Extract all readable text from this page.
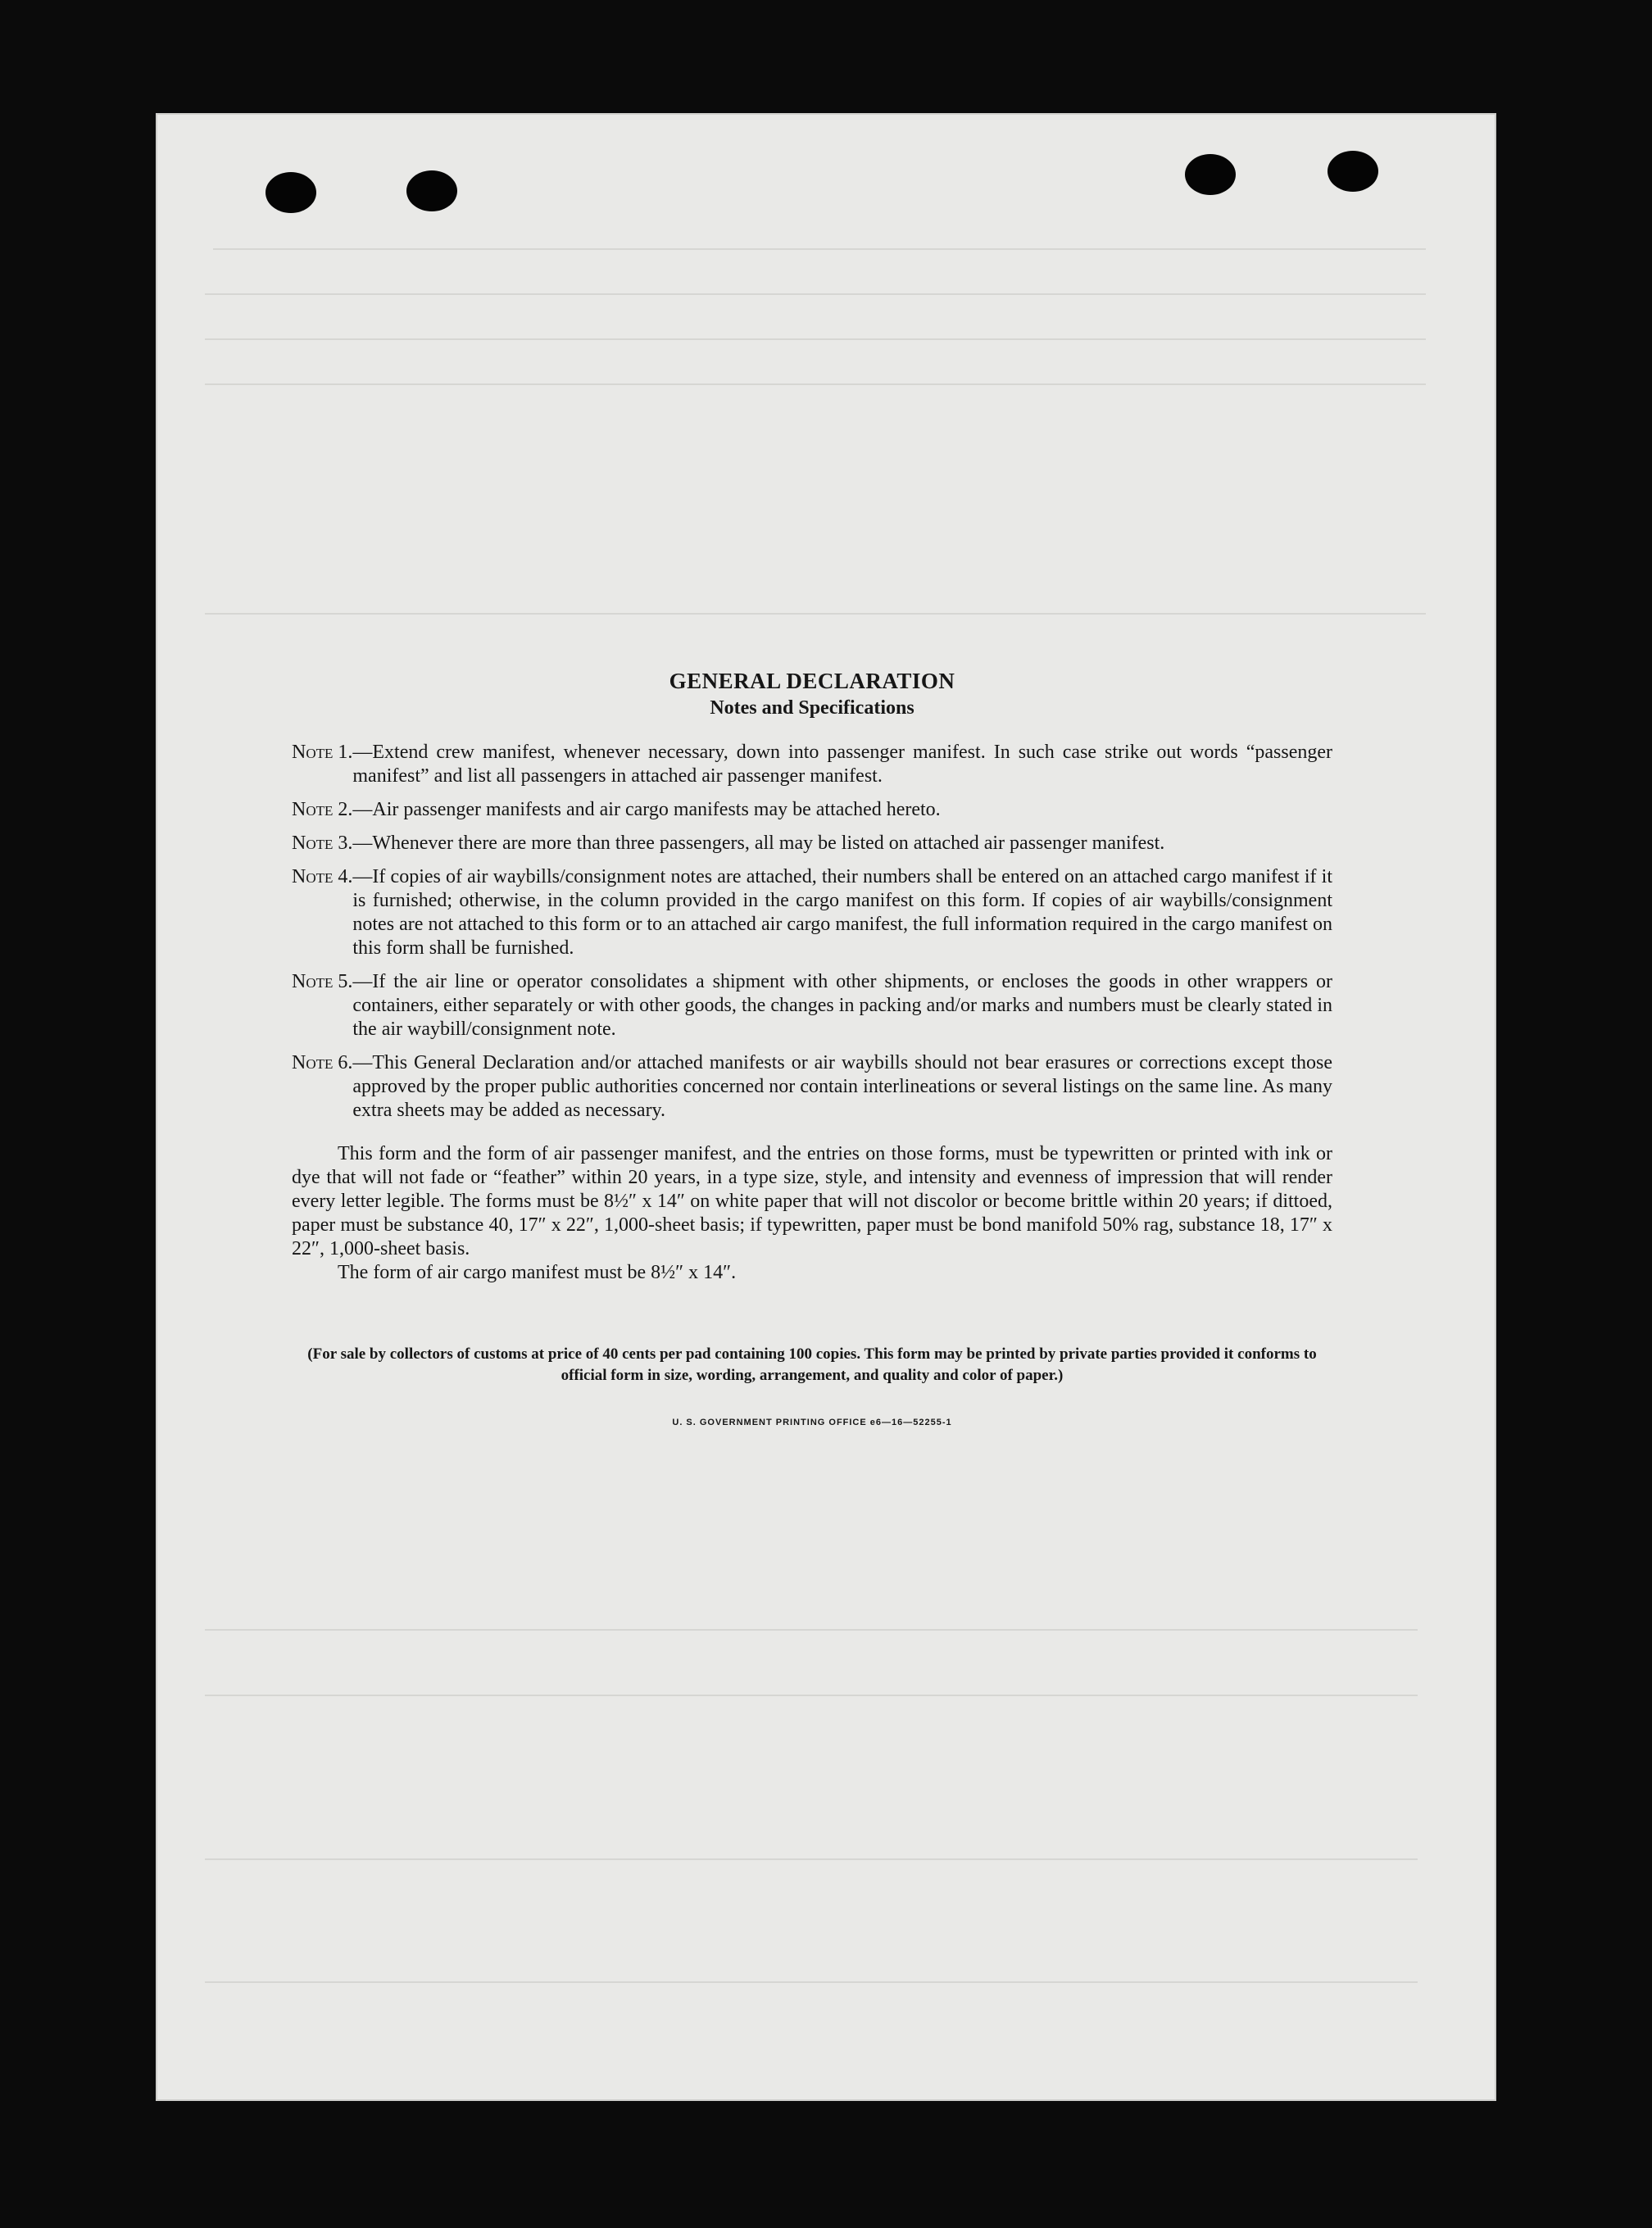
GENERAL DECLARATION
Notes and Specifications
Note 1. —Extend crew manifest, whenever necessary, down into passenger manifest. In such case strike out words “passenger manifest” and list all passengers in attached air passenger manifest.
Note 2. —Air passenger manifests and air cargo manifests may be attached hereto.
Note 3. —Whenever there are more than three passengers, all may be listed on attached air passenger manifest.
Note 4. —If copies of air waybills/consignment notes are attached, their numbers shall be entered on an attached cargo manifest if it is furnished; otherwise, in the column provided in the cargo manifest on this form. If copies of air waybills/consignment notes are not attached to this form or to an attached air cargo manifest, the full information required in the cargo manifest on this form shall be furnished.
Note 5. —If the air line or operator consolidates a shipment with other shipments, or encloses the goods in other wrappers or containers, either separately or with other goods, the changes in packing and/or marks and numbers must be clearly stated in the air waybill/consignment note.
Note 6. —This General Declaration and/or attached manifests or air waybills should not bear erasures or corrections except those approved by the proper public authorities concerned nor contain interlineations or several listings on the same line. As many extra sheets may be added as necessary.

This form and the form of air passenger manifest, and the entries on those forms, must be typewritten or printed with ink or dye that will not fade or “feather” within 20 years, in a type size, style, and intensity and evenness of impression that will render every letter legible. The forms must be 8½″ x 14″ on white paper that will not discolor or become brittle within 20 years; if dittoed, paper must be substance 40, 17″ x 22″, 1,000-sheet basis; if typewritten, paper must be bond manifold 50% rag, substance 18, 17″ x 22″, 1,000-sheet basis.

The form of air cargo manifest must be 8½″ x 14″.

(For sale by collectors of customs at price of 40 cents per pad containing 100 copies. This form may be printed by private parties provided it conforms to official form in size, wording, arrangement, and quality and color of paper.)
U. S. GOVERNMENT PRINTING OFFICE e6—16—52255-1
